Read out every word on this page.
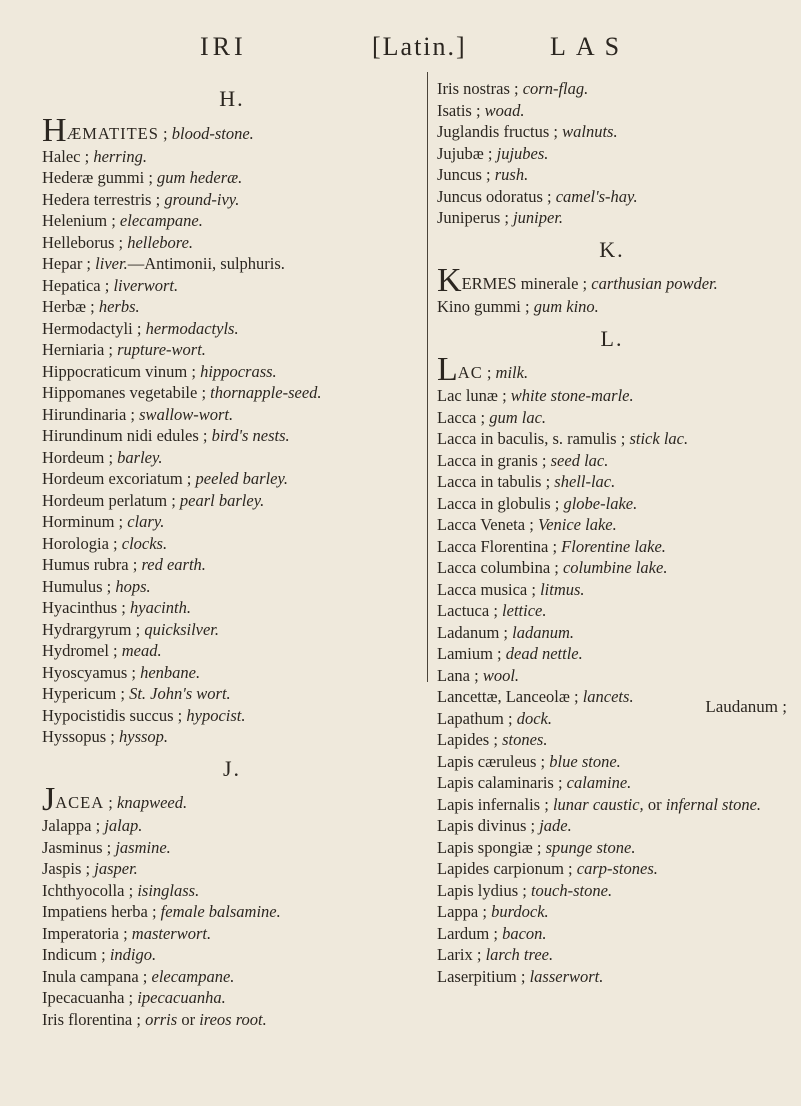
IRI	[Latin.]	LAS
H.
HÆMATITES ; blood-stone.
Halec ; herring.
Hederæ gummi ; gum hederæ.
Hedera terrestris ; ground-ivy.
Helenium ; elecampane.
Helleborus ; hellebore.
Hepar ; liver.—Antimonii, sulphuris.
Hepatica ; liverwort.
Herbæ ; herbs.
Hermodactyli ; hermodactyls.
Herniaria ; rupture-wort.
Hippocraticum vinum ; hippocrass.
Hippomanes vegetabile ; thornapple-seed.
Hirundinaria ; swallow-wort.
Hirundinum nidi edules ; bird's nests.
Hordeum ; barley.
Hordeum excoriatum ; peeled barley.
Hordeum perlatum ; pearl barley.
Horminum ; clary.
Horologia ; clocks.
Humus rubra ; red earth.
Humulus ; hops.
Hyacinthus ; hyacinth.
Hydrargyrum ; quicksilver.
Hydromel ; mead.
Hyoscyamus ; henbane.
Hypericum ; St. John's wort.
Hypocistidis succus ; hypocist.
Hyssopus ; hyssop.
J.
JACEA ; knapweed.
Jalappa ; jalap.
Jasminus ; jasmine.
Jaspis ; jasper.
Ichthyocolla ; isinglass.
Impatiens herba ; female balsamine.
Imperatoria ; masterwort.
Indicum ; indigo.
Inula campana ; elecampane.
Ipecacuanha ; ipecacuanha.
Iris florentina ; orris or ireos root.
Iris nostras ; corn-flag.
Isatis ; woad.
Juglandis fructus ; walnuts.
Jujubæ ; jujubes.
Juncus ; rush.
Juncus odoratus ; camel's-hay.
Juniperus ; juniper.
K.
KERMES minerale ; carthusian powder.
Kino gummi ; gum kino.
L.
LAC ; milk.
Lac lunæ ; white stone-marle.
Lacca ; gum lac.
Lacca in baculis, s. ramulis ; stick lac.
Lacca in granis ; seed lac.
Lacca in tabulis ; shell-lac.
Lacca in globulis ; globe-lake.
Lacca Veneta ; Venice lake.
Lacca Florentina ; Florentine lake.
Lacca columbina ; columbine lake.
Lacca musica ; litmus.
Lactuca ; lettice.
Ladanum ; ladanum.
Lamium ; dead nettle.
Lana ; wool.
Lancettæ, Lanceolæ ; lancets.
Lapathum ; dock.
Lapides ; stones.
Lapis cæruleus ; blue stone.
Lapis calaminaris ; calamine.
Lapis infernalis ; lunar caustic, or infernal stone.
Lapis divinus ; jade.
Lapis spongiæ ; spunge stone.
Lapides carpionum ; carp-stones.
Lapis lydius ; touch-stone.
Lappa ; burdock.
Lardum ; bacon.
Larix ; larch tree.
Laserpitium ; lasserwort.
Laudanum ;
